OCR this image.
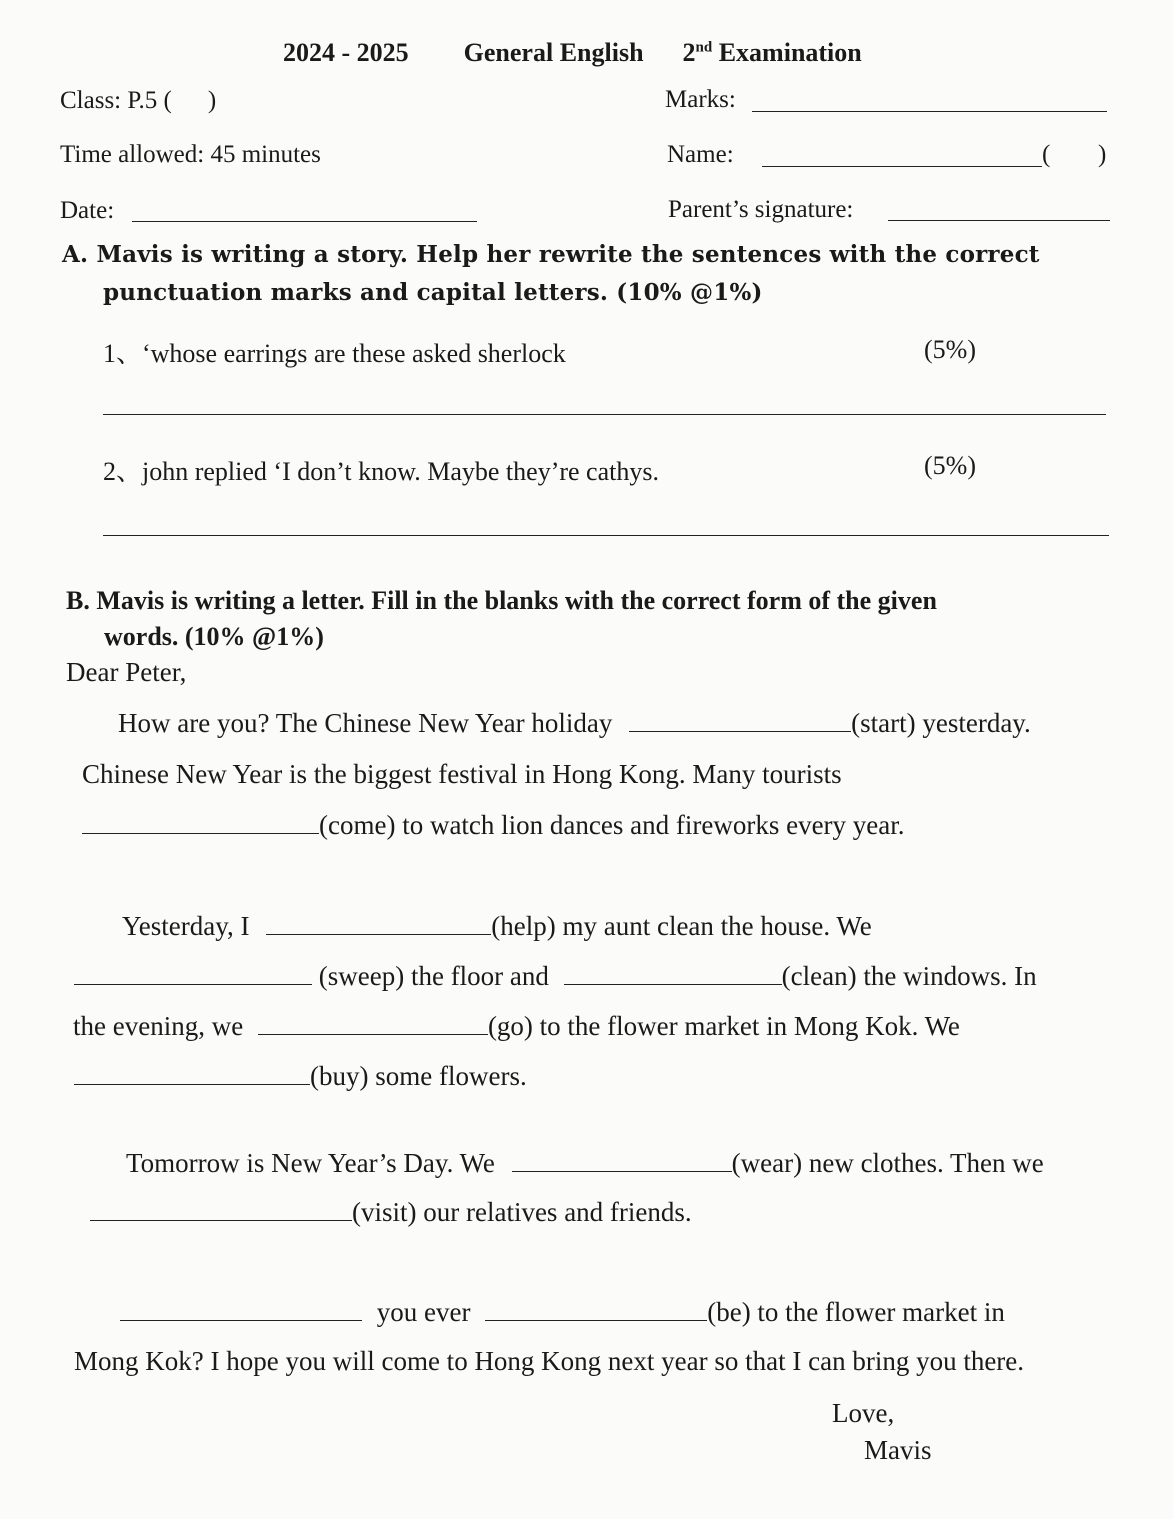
2024 - 2025 General English 2nd Examination
Class: P.5 ( )	Marks:
Time allowed: 45 minutes	Name:	( )
Date:	Parent’s signature:
A. Mavis is writing a story. Help her rewrite the sentences with the correct
punctuation marks and capital letters. (10% @1%)
1、‘whose earrings are these asked sherlock	(5%)
2、john replied ‘I don’t know. Maybe they’re cathys.	(5%)
B. Mavis is writing a letter. Fill in the blanks with the correct form of the given
words. (10% @1%)
Dear Peter,
How are you? The Chinese New Year holiday	(start) yesterday.
Chinese New Year is the biggest festival in Hong Kong. Many tourists
(come) to watch lion dances and fireworks every year.
Yesterday, I	(help) my aunt clean the house. We
(sweep) the floor and	(clean) the windows. In
the evening, we	(go) to the flower market in Mong Kok. We
(buy) some flowers.
Tomorrow is New Year’s Day. We	(wear) new clothes. Then we
(visit) our relatives and friends.
you ever	(be) to the flower market in
Mong Kok? I hope you will come to Hong Kong next year so that I can bring you there.
Love,
Mavis
